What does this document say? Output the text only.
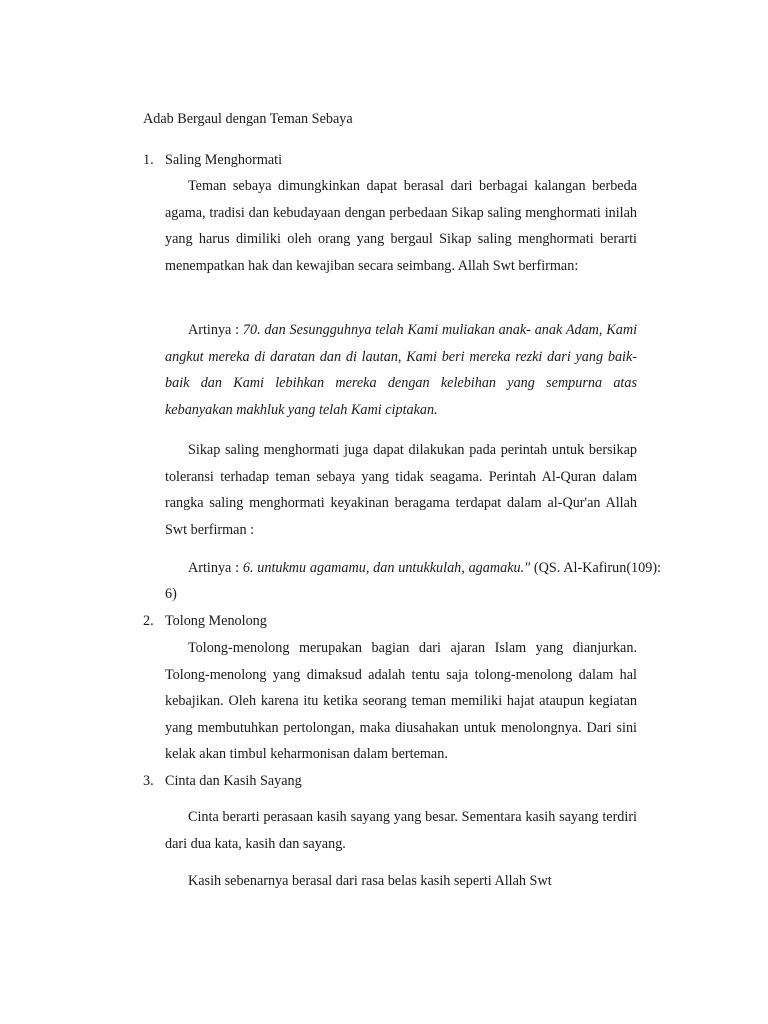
Adab Bergaul dengan Teman Sebaya
1. Saling Menghormati
Teman sebaya dimungkinkan dapat berasal dari berbagai kalangan berbeda agama, tradisi dan kebudayaan dengan perbedaan Sikap saling menghormati inilah yang harus dimiliki oleh orang yang bergaul Sikap saling menghormati berarti menempatkan hak dan kewajiban secara seimbang. Allah Swt berfirman:
Artinya : 70. dan Sesungguhnya telah Kami muliakan anak- anak Adam, Kami angkut mereka di daratan dan di lautan, Kami beri mereka rezki dari yang baik-baik dan Kami lebihkan mereka dengan kelebihan yang sempurna atas kebanyakan makhluk yang telah Kami ciptakan.
Sikap saling menghormati juga dapat dilakukan pada perintah untuk bersikap toleransi terhadap teman sebaya yang tidak seagama. Perintah Al-Quran dalam rangka saling menghormati keyakinan beragama terdapat dalam al-Qur'an Allah Swt berfirman :
Artinya : 6. untukmu agamamu, dan untukkulah, agamaku." (QS. Al-Kafirun(109): 6)
2. Tolong Menolong
Tolong-menolong merupakan bagian dari ajaran Islam yang dianjurkan. Tolong-menolong yang dimaksud adalah tentu saja tolong-menolong dalam hal kebajikan. Oleh karena itu ketika seorang teman memiliki hajat ataupun kegiatan yang membutuhkan pertolongan, maka diusahakan untuk menolongnya. Dari sini kelak akan timbul keharmonisan dalam berteman.
3. Cinta dan Kasih Sayang
Cinta berarti perasaan kasih sayang yang besar. Sementara kasih sayang terdiri dari dua kata, kasih dan sayang.
Kasih sebenarnya berasal dari rasa belas kasih seperti Allah Swt
